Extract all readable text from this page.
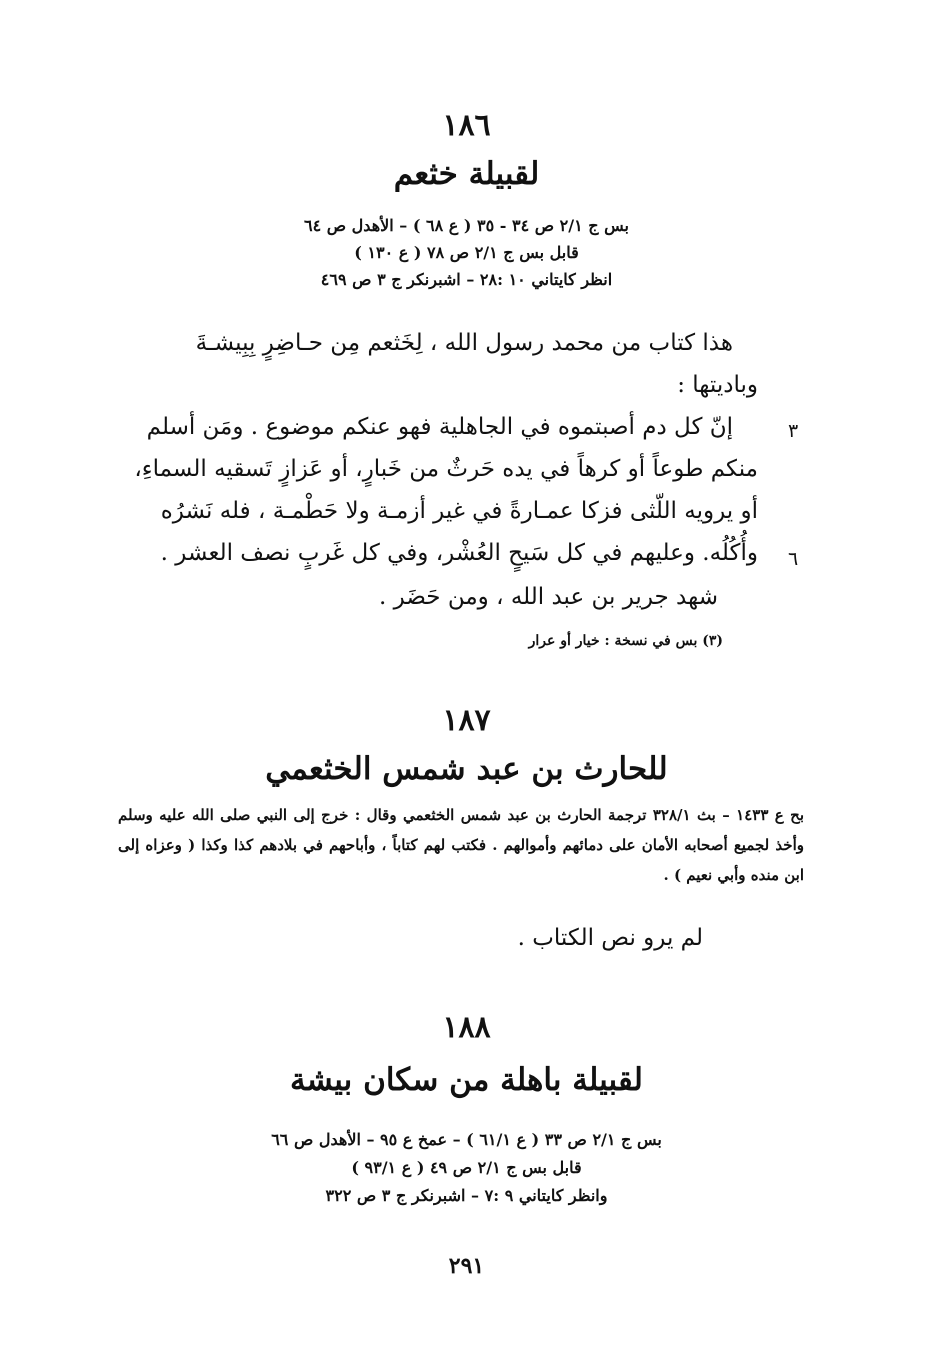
١٨٦
لقبيلة خثعم
بس ج ٢/١ ص ٣٤ - ٣٥ ( ع ٦٨ ) – الأهدل ص ٦٤
قابل بس ج ٢/١ ص ٧٨ ( ع ١٣٠ )
انظر كايتاني ١٠ :٢٨ – اشبرنكر ج ٣ ص ٤٦٩
هذا كتاب من محمد رسول الله ، لِخَثعم مِن حـاضِرٍ بِبِيشـةَ
وباديتها :
إنّ كل دم أصبتموه في الجاهلية فهو عنكم موضوع . ومَن أسلم
منكم طوعاً أو كرهاً في يده حَرثٌ من خَبارٍ، أو عَزازٍ تَسقيه السماءِ،
أو يرويه اللّثى فزكا عمـارةً في غير أزمـة ولا حَطْمـة ، فله نَشرُه
وأُكُلُه. وعليهم في كل سَيحٍ العُشْر، وفي كل غَربٍ نصف العشر .
شهد جرير بن عبد الله ، ومن حَضَر .
٣
٦
(٣) بس في نسخة : خيار أو عرار
١٨٧
للحارث بن عبد شمس الخثعمي
بح ع ١٤٣٣ – بث ٣٢٨/١ ترجمة الحارث بن عبد شمس الخثعمي وقال : خرج إلى النبي صلى الله عليه وسلم وأخذ لجميع أصحابه الأمان على دمائهم وأموالهم . فكتب لهم كتاباً ، وأباحهم في بلادهم كذا وكذا ( وعزاه إلى ابن منده وأبي نعيم ) .
لم يرو نص الكتاب .
١٨٨
لقبيلة باهلة من سكان بيشة
بس ج ٢/١ ص ٣٣ ( ع ٦١/١ ) – عمخ ع ٩٥ – الأهدل ص ٦٦
قابل بس ج ٢/١ ص ٤٩ ( ع ٩٣/١ )
وانظر كايتاني ٩ :٧ – اشبرنكر ج ٣ ص ٣٢٢
٢٩١
